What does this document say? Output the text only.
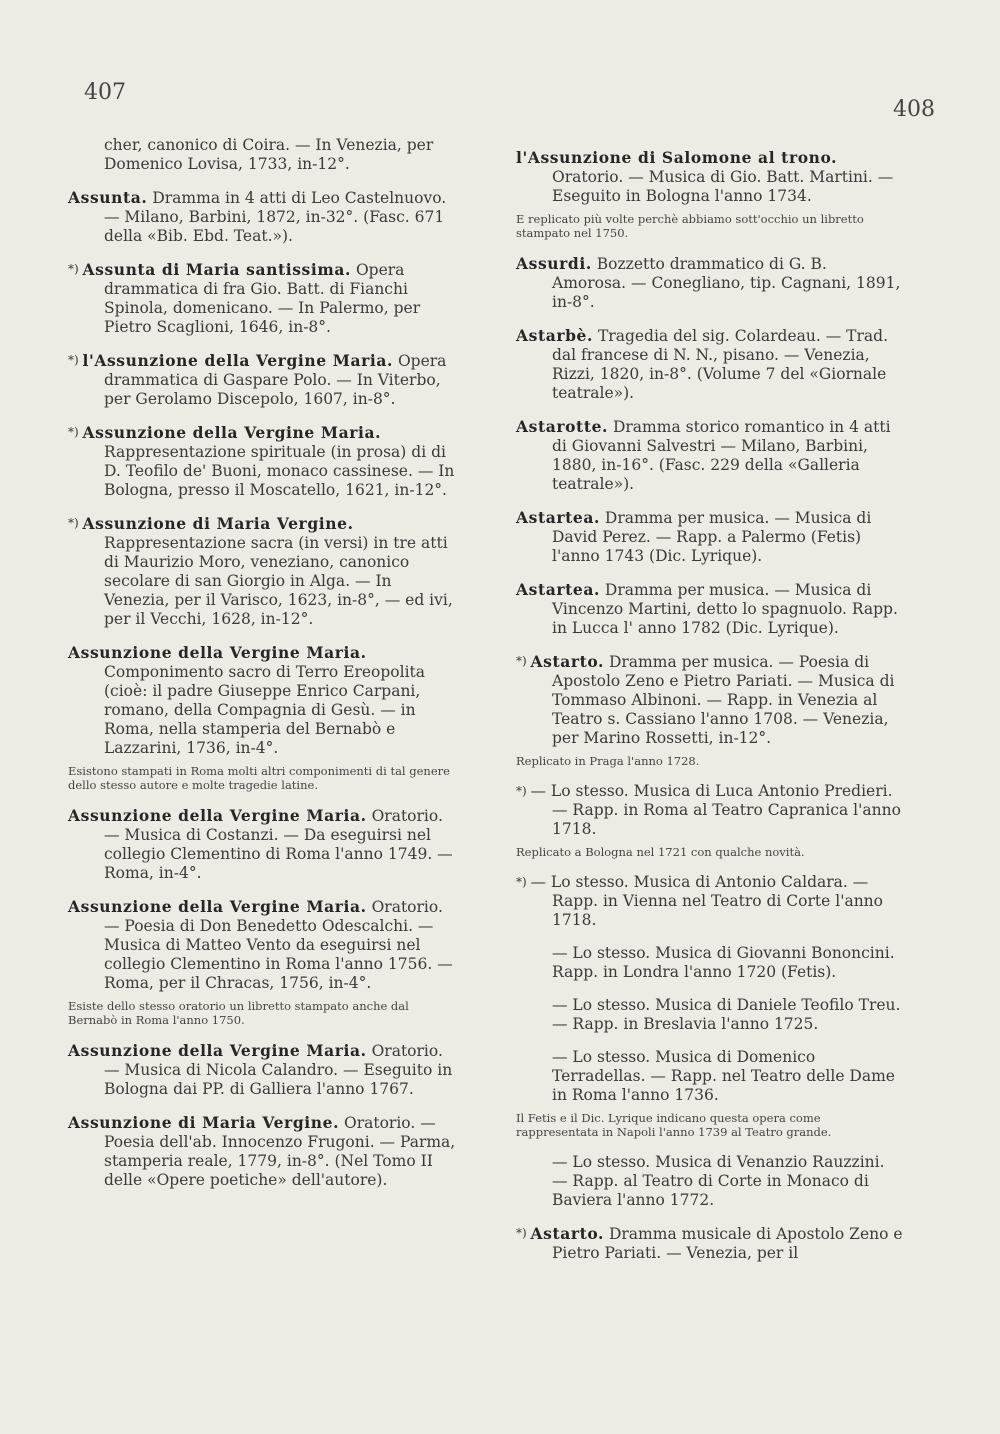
407
408

cher, canonico di Coira. — In Venezia, per Domenico Lovisa, 1733, in-12°.

Assunta. Dramma in 4 atti di Leo Castelnuovo. — Milano, Barbini, 1872, in-32°. (Fasc. 671 della «Bib. Ebd. Teat.»).

*) Assunta di Maria santissima. Opera drammatica di fra Gio. Batt. di Fianchi Spinola, domenicano. — In Palermo, per Pietro Scaglioni, 1646, in-8°.

*) l'Assunzione della Vergine Maria. Opera drammatica di Gaspare Polo. — In Viterbo, per Gerolamo Discepolo, 1607, in-8°.

*) Assunzione della Vergine Maria. Rappresentazione spirituale (in prosa) di di D. Teofilo de' Buoni, monaco cassinese. — In Bologna, presso il Moscatello, 1621, in-12°.

*) Assunzione di Maria Vergine. Rappresentazione sacra (in versi) in tre atti di Maurizio Moro, veneziano, canonico secolare di san Giorgio in Alga. — In Venezia, per il Varisco, 1623, in-8°, — ed ivi, per il Vecchi, 1628, in-12°.

Assunzione della Vergine Maria. Componimento sacro di Terro Ereopolita (cioè: il padre Giuseppe Enrico Carpani, romano, della Compagnia di Gesù. — in Roma, nella stamperia del Bernabò e Lazzarini, 1736, in-4°.

Esistono stampati in Roma molti altri componimenti di tal genere dello stesso autore e molte tragedie latine.

Assunzione della Vergine Maria. Oratorio. — Musica di Costanzi. — Da eseguirsi nel collegio Clementino di Roma l'anno 1749. — Roma, in-4°.

Assunzione della Vergine Maria. Oratorio. — Poesia di Don Benedetto Odescalchi. — Musica di Matteo Vento da eseguirsi nel collegio Clementino in Roma l'anno 1756. — Roma, per il Chracas, 1756, in-4°.

Esiste dello stesso oratorio un libretto stampato anche dal Bernabò in Roma l'anno 1750.

Assunzione della Vergine Maria. Oratorio. — Musica di Nicola Calandro. — Eseguito in Bologna dai PP. di Galliera l'anno 1767.

Assunzione di Maria Vergine. Oratorio. — Poesia dell'ab. Innocenzo Frugoni. — Parma, stamperia reale, 1779, in-8°. (Nel Tomo II delle «Opere poetiche» dell'autore).

l'Assunzione di Salomone al trono. Oratorio. — Musica di Gio. Batt. Martini. — Eseguito in Bologna l'anno 1734.

E replicato più volte perchè abbiamo sott'occhio un libretto stampato nel 1750.

Assurdi. Bozzetto drammatico di G. B. Amorosa. — Conegliano, tip. Cagnani, 1891, in-8°.

Astarbè. Tragedia del sig. Colardeau. — Trad. dal francese di N. N., pisano. — Venezia, Rizzi, 1820, in-8°. (Volume 7 del «Giornale teatrale»).

Astarotte. Dramma storico romantico in 4 atti di Giovanni Salvestri — Milano, Barbini, 1880, in-16°. (Fasc. 229 della «Galleria teatrale»).

Astartea. Dramma per musica. — Musica di David Perez. — Rapp. a Palermo (Fetis) l'anno 1743 (Dic. Lyrique).

Astartea. Dramma per musica. — Musica di Vincenzo Martini, detto lo spagnuolo. Rapp. in Lucca l' anno 1782 (Dic. Lyrique).

*) Astarto. Dramma per musica. — Poesia di Apostolo Zeno e Pietro Pariati. — Musica di Tommaso Albinoni. — Rapp. in Venezia al Teatro s. Cassiano l'anno 1708. — Venezia, per Marino Rossetti, in-12°.

Replicato in Praga l'anno 1728.

*) — Lo stesso. Musica di Luca Antonio Predieri. — Rapp. in Roma al Teatro Capranica l'anno 1718.

Replicato a Bologna nel 1721 con qualche novità.

*) — Lo stesso. Musica di Antonio Caldara. — Rapp. in Vienna nel Teatro di Corte l'anno 1718.

— Lo stesso. Musica di Giovanni Bononcini. Rapp. in Londra l'anno 1720 (Fetis).

— Lo stesso. Musica di Daniele Teofilo Treu. — Rapp. in Breslavia l'anno 1725.

— Lo stesso. Musica di Domenico Terradellas. — Rapp. nel Teatro delle Dame in Roma l'anno 1736.

Il Fetis e il Dic. Lyrique indicano questa opera come rappresentata in Napoli l'anno 1739 al Teatro grande.

— Lo stesso. Musica di Venanzio Rauzzini. — Rapp. al Teatro di Corte in Monaco di Baviera l'anno 1772.

*) Astarto. Dramma musicale di Apostolo Zeno e Pietro Pariati. — Venezia, per il
